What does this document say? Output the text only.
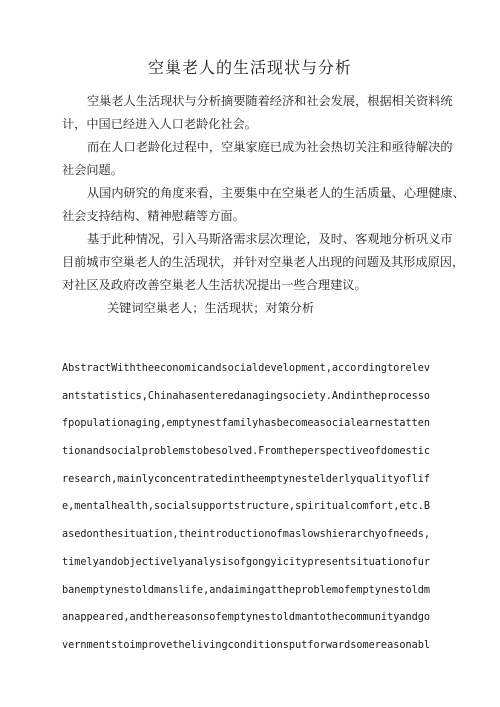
空巢老人的生活现状与分析
空巢老人生活现状与分析摘要随着经济和社会发展，根据相关资料统
计，中国已经进入人口老龄化社会。
而在人口老龄化过程中，空巢家庭已成为社会热切关注和亟待解决的
社会问题。
从国内研究的角度来看，主要集中在空巢老人的生活质量、心理健康、
社会支持结构、精神慰藉等方面。
基于此种情况，引入马斯洛需求层次理论，及时、客观地分析巩义市
目前城市空巢老人的生活现状，并针对空巢老人出现的问题及其形成原因，
对社区及政府改善空巢老人生活状况提出一些合理建议。
关键词空巢老人；生活现状；对策分析
AbstractWiththeeconomicandsocialdevelopment,accordingtorelev
antstatistics,Chinahasenteredanagingsociety.Andintheprocesso
fpopulationaging,emptynestfamilyhasbecomeasocialearnestatten
tionandsocialproblemstobesolved.Fromtheperspectiveofdomestic
research,mainlyconcentratedintheemptynestelderlyqualityoflif
e,mentalhealth,socialsupportstructure,spiritualcomfort,etc.B
asedonthesituation,theintroductionofmaslowshierarchyofneeds,
timelyandobjectivelyanalysisofgongyicitypresentsituationofur
banemptynestoldmanslife,andaimingattheproblemofemptynestoldm
anappeared,andthereasonsofemptynestoldmantothecommunityandgo
vernmentstoimprovethelivingconditionsputforwardsomereasonabl
